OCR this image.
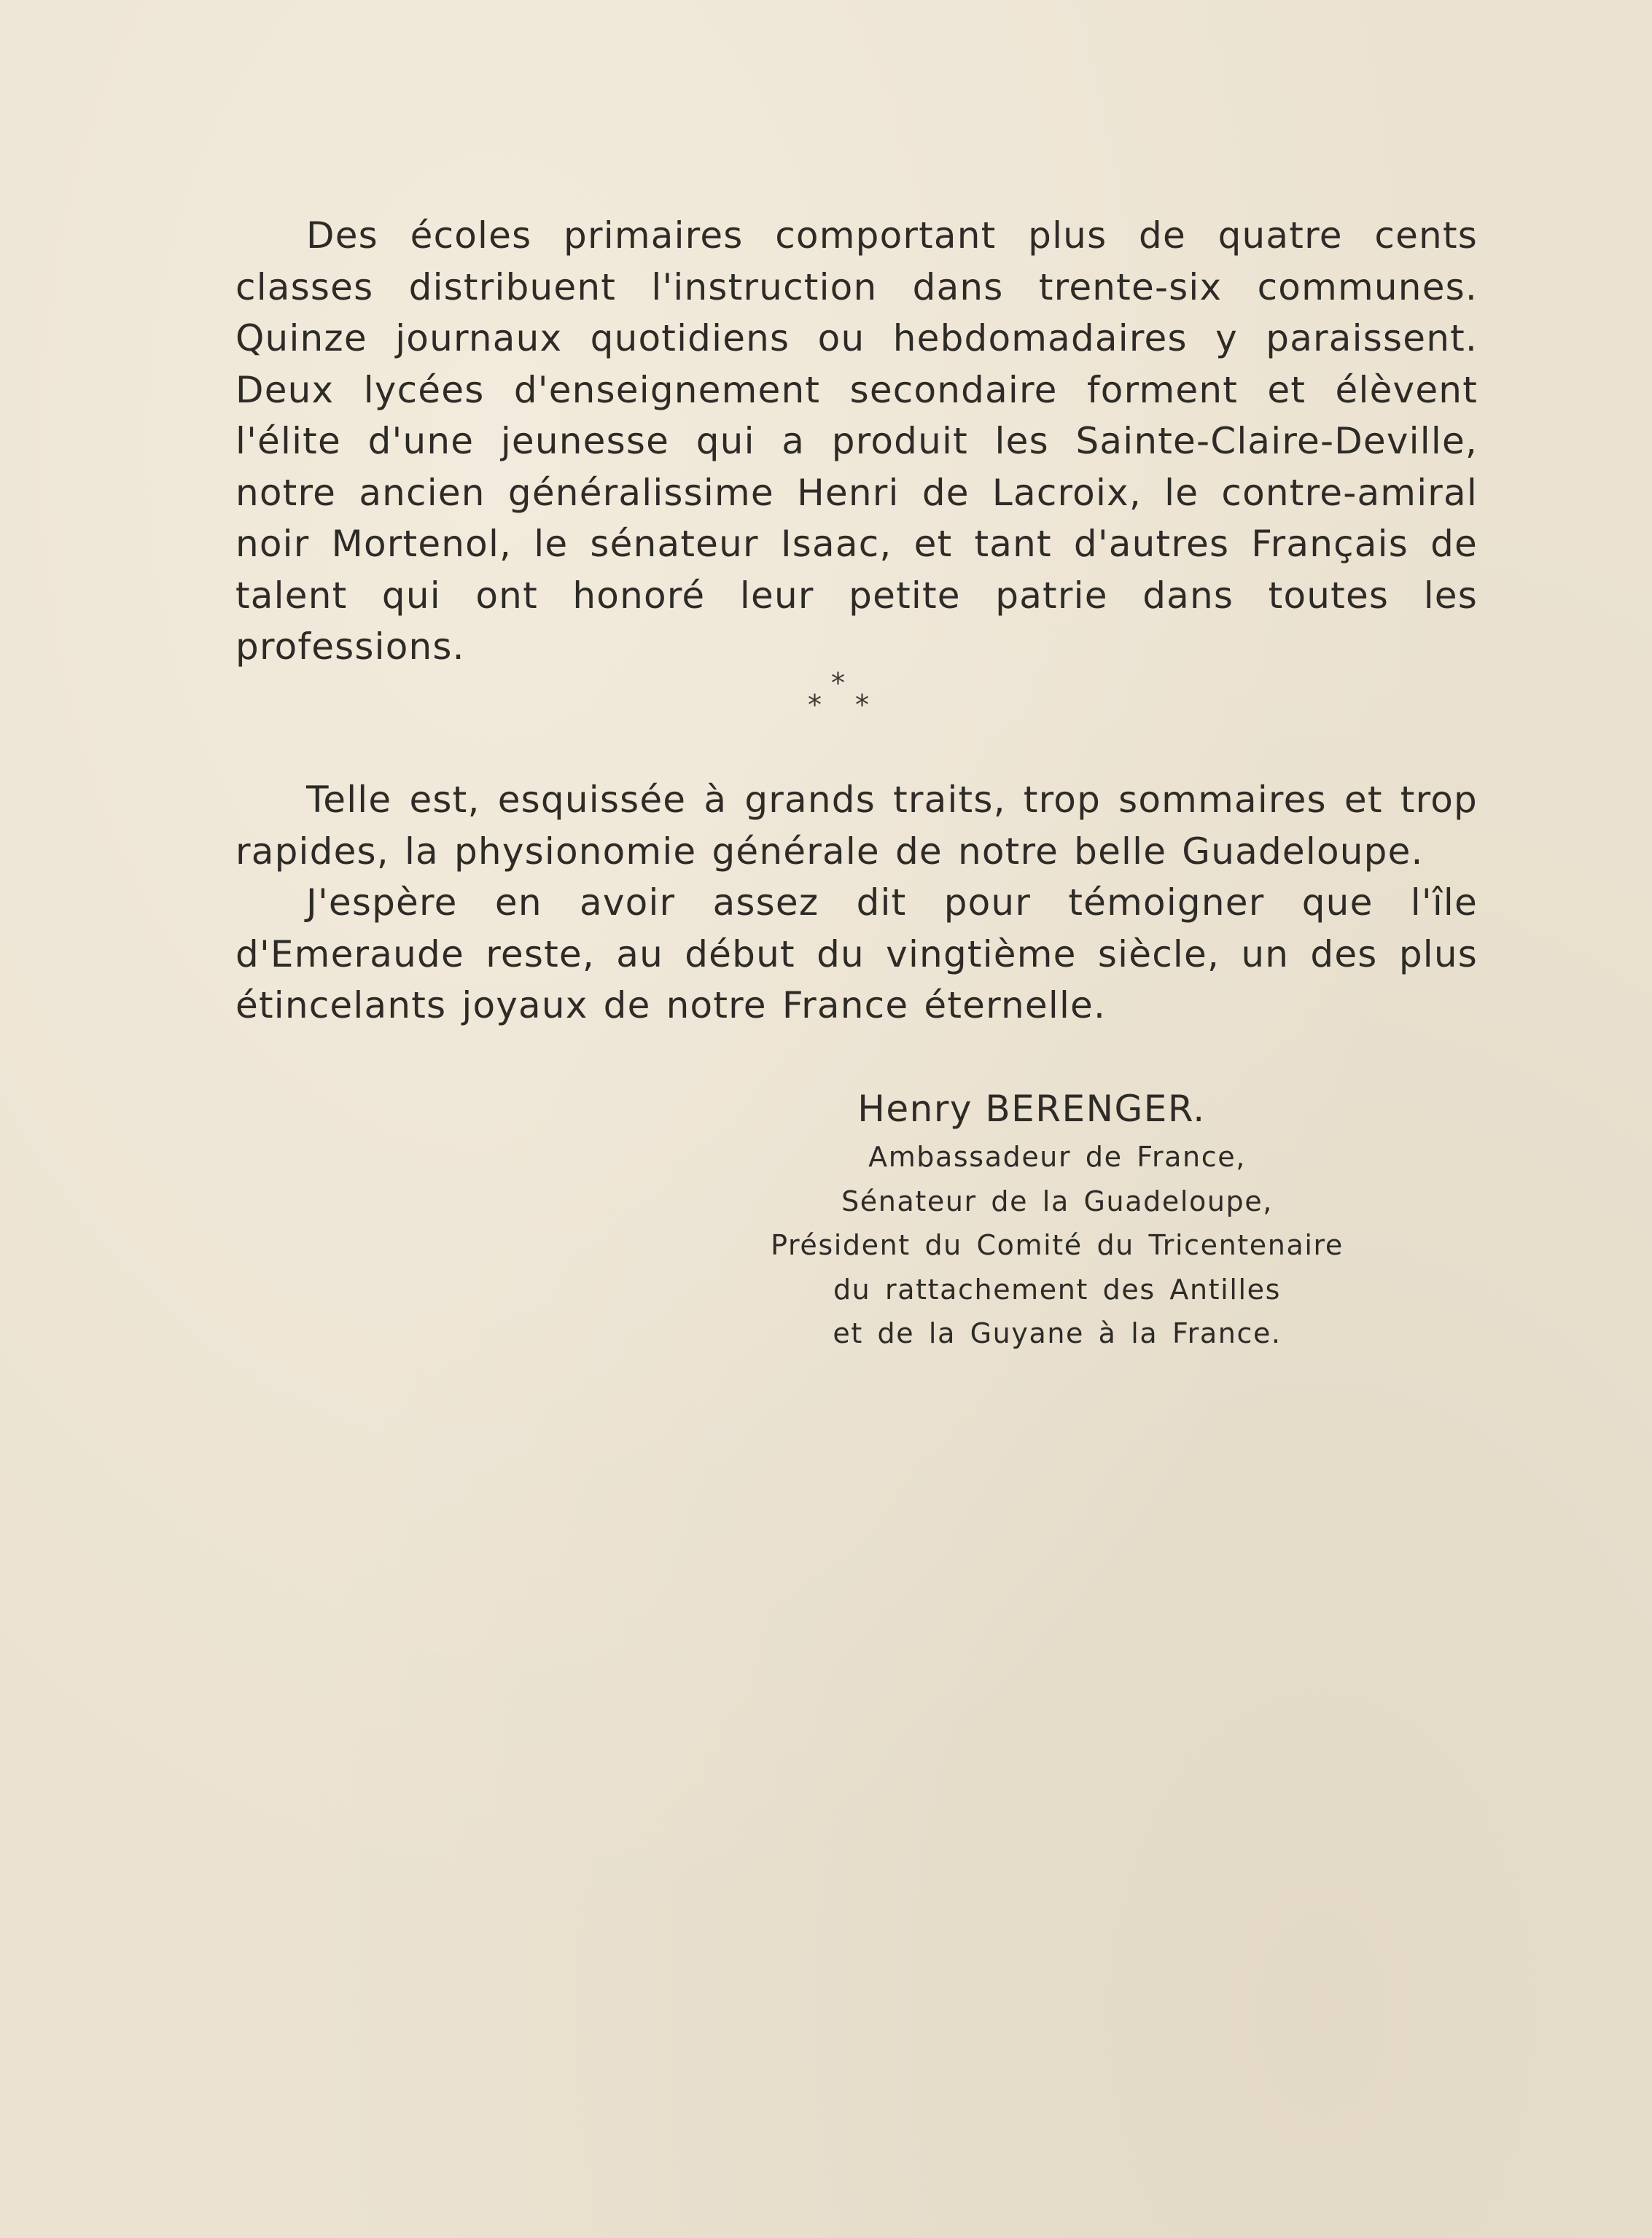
Des écoles primaires comportant plus de quatre cents classes distribuent l'instruction dans trente-six communes. Quinze journaux quotidiens ou hebdomadaires y paraissent. Deux lycées d'enseignement secondaire forment et élèvent l'élite d'une jeunesse qui a produit les Sainte-Claire-Deville, notre ancien généralissime Henri de Lacroix, le contre-amiral noir Mortenol, le sénateur Isaac, et tant d'autres Français de talent qui ont honoré leur petite patrie dans toutes les professions.

*
* *

Telle est, esquissée à grands traits, trop sommaires et trop rapides, la physionomie générale de notre belle Guadeloupe.

J'espère en avoir assez dit pour témoigner que l'île d'Emeraude reste, au début du vingtième siècle, un des plus étincelants joyaux de notre France éternelle.

Henry BERENGER.
Ambassadeur de France,
Sénateur de la Guadeloupe,
Président du Comité du Tricentenaire
du rattachement des Antilles
et de la Guyane à la France.
